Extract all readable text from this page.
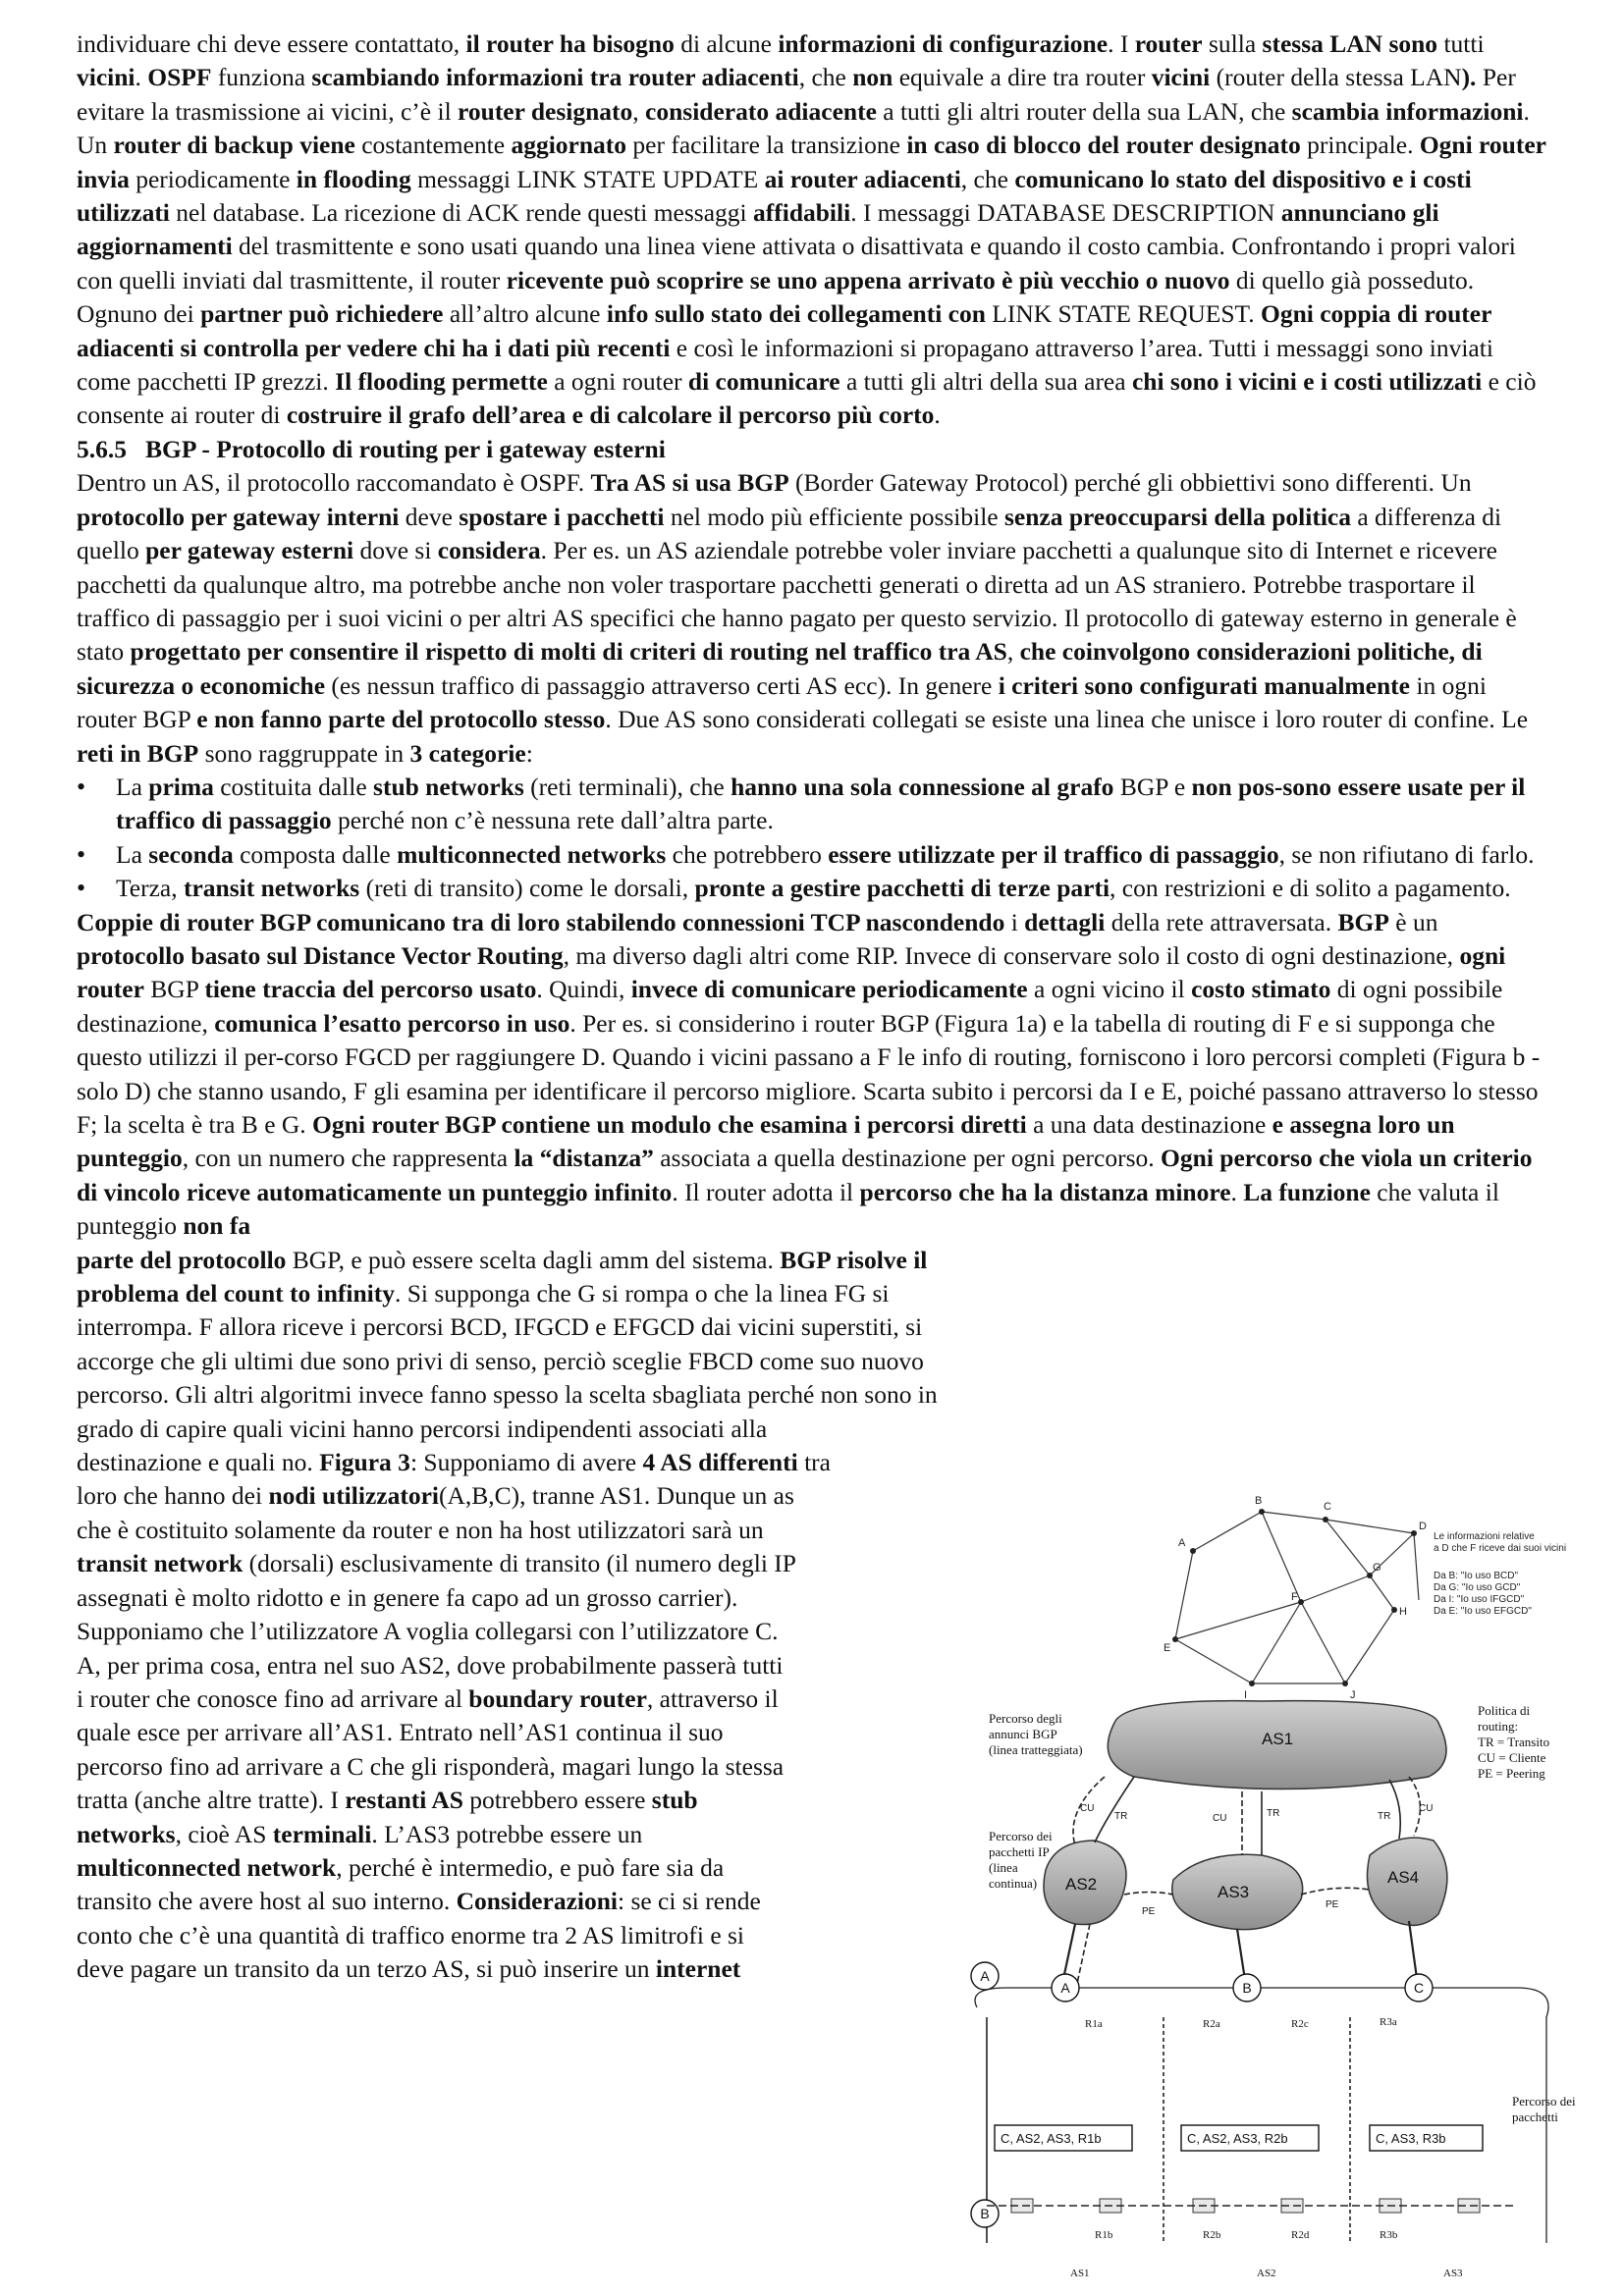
individuare chi deve essere contattato, il router ha bisogno di alcune informazioni di configurazione. I router sulla stessa LAN sono tutti vicini. OSPF funziona scambiando informazioni tra router adiacenti, che non equivale a dire tra router vicini (router della stessa LAN). Per evitare la trasmissione ai vicini, c’è il router designato, considerato adiacente a tutti gli altri router della sua LAN, che scambia informazioni. Un router di backup viene costantemente aggiornato per facilitare la transizione in caso di blocco del router designato principale. Ogni router invia periodicamente in flooding messaggi LINK STATE UPDATE ai router adiacenti, che comunicano lo stato del dispositivo e i costi utilizzati nel database. La ricezione di ACK rende questi messaggi affidabili. I messaggi DATABASE DESCRIPTION annunciano gli aggiornamenti del trasmittente e sono usati quando una linea viene attivata o disattivata e quando il costo cambia. Confrontando i propri valori con quelli inviati dal trasmittente, il router ricevente può scoprire se uno appena arrivato è più vecchio o nuovo di quello già posseduto. Ognuno dei partner può richiedere all’altro alcune info sullo stato dei collegamenti con LINK STATE REQUEST. Ogni coppia di router adiacenti si controlla per vedere chi ha i dati più recenti e così le informazioni si propagano attraverso l’area. Tutti i messaggi sono inviati come pacchetti IP grezzi. Il flooding permette a ogni router di comunicare a tutti gli altri della sua area chi sono i vicini e i costi utilizzati e ciò consente ai router di costruire il grafo dell’area e di calcolare il percorso più corto.

5.6.5 BGP - Protocollo di routing per i gateway esterni

Dentro un AS, il protocollo raccomandato è OSPF. Tra AS si usa BGP (Border Gateway Protocol) perché gli obbiettivi sono differenti. Un protocollo per gateway interni deve spostare i pacchetti nel modo più efficiente possibile senza preoccuparsi della politica a differenza di quello per gateway esterni dove si considera. Per es. un AS aziendale potrebbe voler inviare pacchetti a qualunque sito di Internet e ricevere pacchetti da qualunque altro, ma potrebbe anche non voler trasportare pacchetti generati o diretta ad un AS straniero. Potrebbe trasportare il traffico di passaggio per i suoi vicini o per altri AS specifici che hanno pagato per questo servizio. Il protocollo di gateway esterno in generale è stato progettato per consentire il rispetto di molti di criteri di routing nel traffico tra AS, che coinvolgono considerazioni politiche, di sicurezza o economiche (es nessun traffico di passaggio attraverso certi AS ecc). In genere i criteri sono configurati manualmente in ogni router BGP e non fanno parte del protocollo stesso. Due AS sono considerati collegati se esiste una linea che unisce i loro router di confine. Le reti in BGP sono raggruppate in 3 categorie:

• La prima costituita dalle stub networks (reti terminali), che hanno una sola connessione al grafo BGP e non pos-sono essere usate per il traffico di passaggio perché non c’è nessuna rete dall’altra parte.
• La seconda composta dalle multiconnected networks che potrebbero essere utilizzate per il traffico di passaggio, se non rifiutano di farlo.
• Terza, transit networks (reti di transito) come le dorsali, pronte a gestire pacchetti di terze parti, con restrizioni e di solito a pagamento.

Coppie di router BGP comunicano tra di loro stabilendo connessioni TCP nascondendo i dettagli della rete attraversata. BGP è un protocollo basato sul Distance Vector Routing, ma diverso dagli altri come RIP. Invece di conservare solo il costo di ogni destinazione, ogni router BGP tiene traccia del percorso usato. Quindi, invece di comunicare periodicamente a ogni vicino il costo stimato di ogni possibile destinazione, comunica l’esatto percorso in uso. Per es. si considerino i router BGP (Figura 1a) e la tabella di routing di F e si supponga che questo utilizzi il per-corso FGCD per raggiungere D. Quando i vicini passano a F le info di routing, forniscono i loro percorsi completi (Figura b - solo D) che stanno usando, F gli esamina per identificare il percorso migliore. Scarta subito i percorsi da I e E, poiché passano attraverso lo stesso F; la scelta è tra B e G. Ogni router BGP contiene un modulo che esamina i percorsi diretti a una data destinazione e assegna loro un punteggio, con un numero che rappresenta la “distanza” associata a quella destinazione per ogni percorso. Ogni percorso che viola un criterio di vincolo riceve automaticamente un punteggio infinito. Il router adotta il percorso che ha la distanza minore. La funzione che valuta il punteggio non fa

parte del protocollo BGP, e può essere scelta dagli amm del sistema. BGP risolve il
problema del count to infinity. Si supponga che G si rompa o che la linea FG si
interrompa. F allora riceve i percorsi BCD, IFGCD e EFGCD dai vicini superstiti, si
accorge che gli ultimi due sono privi di senso, perciò sceglie FBCD come suo nuovo
percorso. Gli altri algoritmi invece fanno spesso la scelta sbagliata perché non sono in
grado di capire quali vicini hanno percorsi indipendenti associati alla
destinazione e quali no. Figura 3: Supponiamo di avere 4 AS differenti tra
loro che hanno dei nodi utilizzatori(A,B,C), tranne AS1. Dunque un as
che è costituito solamente da router e non ha host utilizzatori sarà un
transit network (dorsali) esclusivamente di transito (il numero degli IP
assegnati è molto ridotto e in genere fa capo ad un grosso carrier).
Supponiamo che l’utilizzatore A voglia collegarsi con l’utilizzatore C.
A, per prima cosa, entra nel suo AS2, dove probabilmente passerà tutti
i router che conosce fino ad arrivare al boundary router, attraverso il
quale esce per arrivare all’AS1. Entrato nell’AS1 continua il suo
percorso fino ad arrivare a C che gli risponderà, magari lungo la stessa
tratta (anche altre tratte). I restanti AS potrebbero essere stub
networks, cioè AS terminali. L’AS3 potrebbe essere un
multiconnected network, perché è intermedio, e può fare sia da
transito che avere host al suo interno. Considerazioni: se ci si rende
conto che c’è una quantità di traffico enorme tra 2 AS limitrofi e si
deve pagare un transito da un terzo AS, si può inserire un internet
A
B	C
D
E
F
G
H
I	J
Le informazioni relative a D che F riceve dai suoi vicini
Da B: "Io uso BCD"
Da G: "Io uso GCD"
Da I: "Io uso IFGCD"
Da E: "Io uso EFGCD"
AS1
AS2	AS3
AS4
CU
TR	CU	TR	CU
TR
PE
PE
Percorso degli
annunci BGP
(linea tratteggiata)
Percorso dei
pacchetti IP
(linea
continua)
Politica di
routing:
TR = Transito
CU = Cliente
PE = Peering
Percorso dei
pacchetti
A
A	B	C
B
R1a	R2a	R2c	R3a
R1b	R2b	R2d	R3b
C, AS2, AS3, R1b	C, AS2, AS3, R2b	C, AS3, R3b
AS1	AS2	AS3
